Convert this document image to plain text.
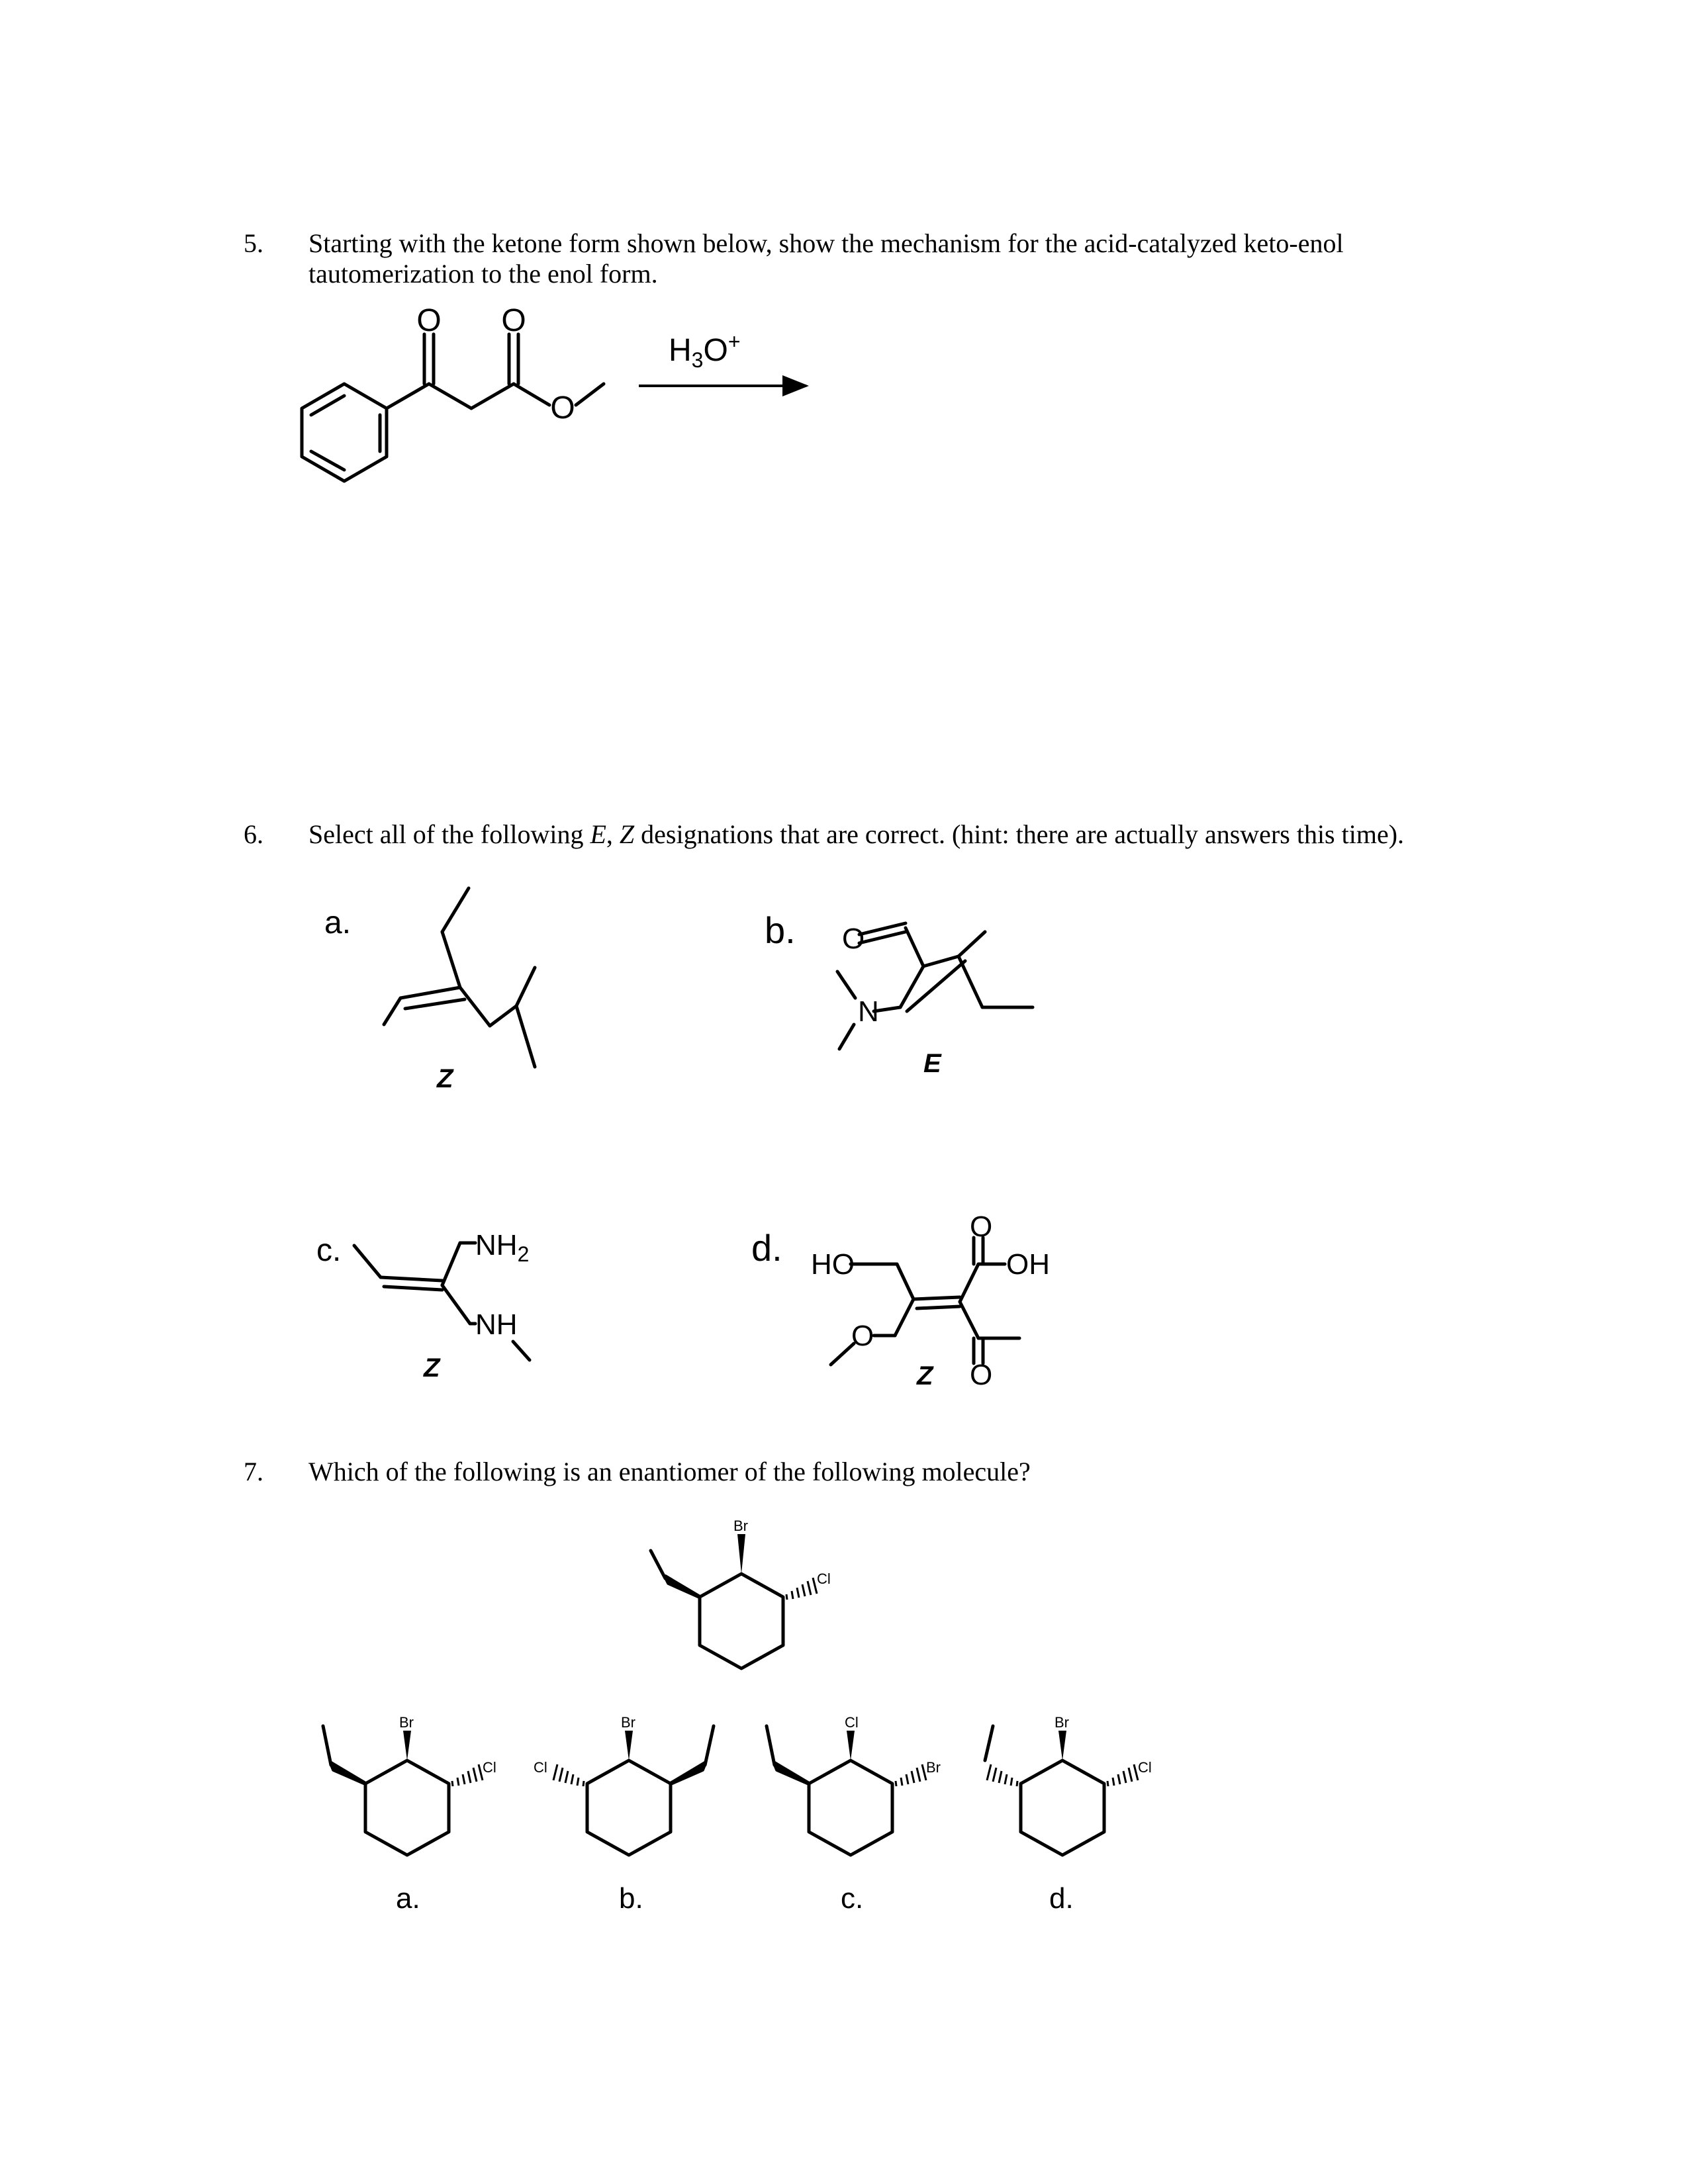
5. Starting with the ketone form shown below, show the mechanism for the acid-catalyzed keto-enol
tautomerization to the enol form.
6. Select all of the following E, Z designations that are correct. (hint: there are actually answers this time).
7. Which of the following is an enantiomer of the following molecule?
O O
O
$H_3O^+$
a.
Z
b. O
N
E
c.	$NH_2$
NH
Z
d. HO	OH
O
O
O
Z
Br
Cl
Br
Cl
a.
Br
Cl
b.
Cl
Br
c.
Br
Cl
d.
